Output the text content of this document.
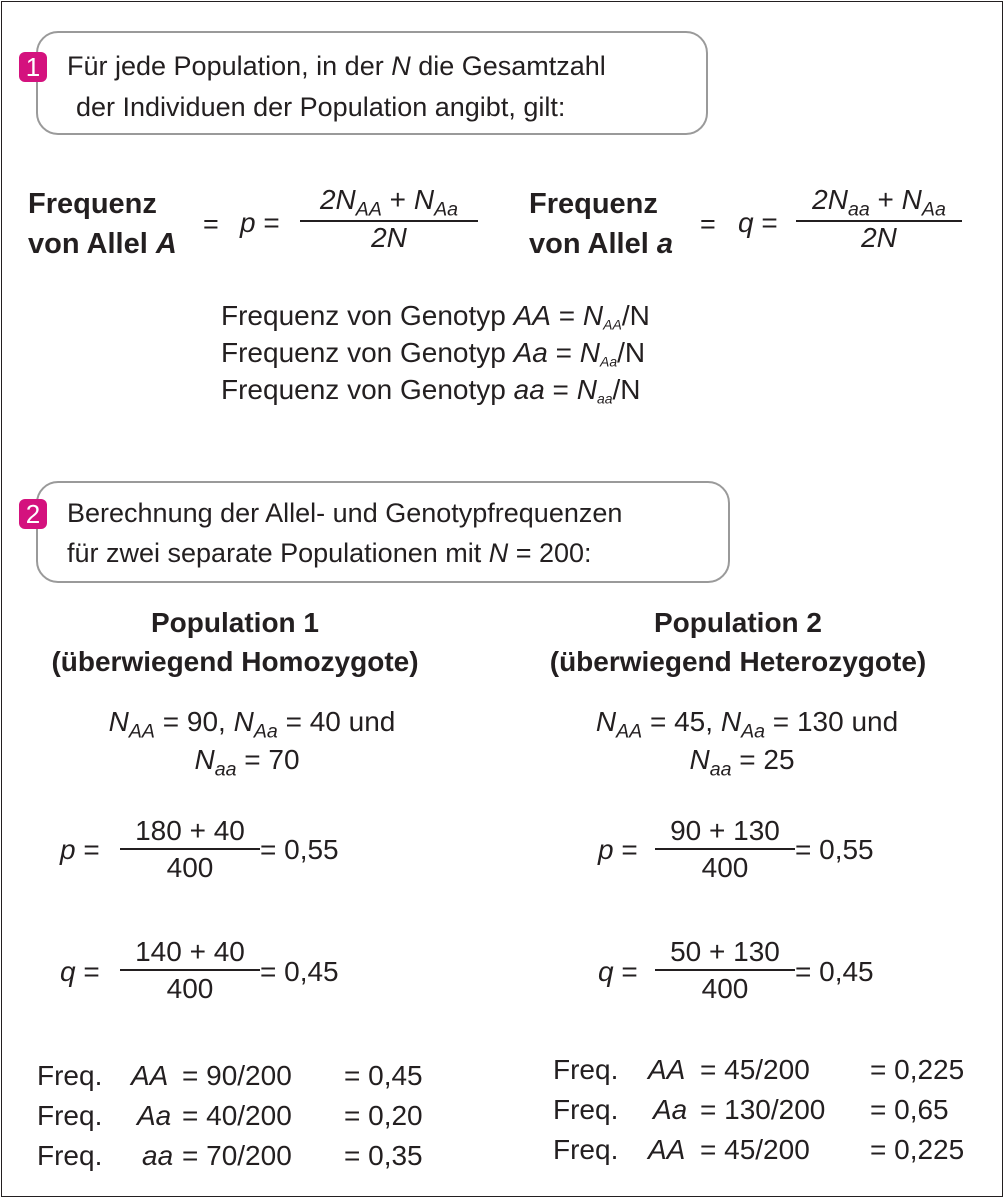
1 Für jede Population, in der N die Gesamtzahl
der Individuen der Population angibt, gilt:
Frequenz
von Allel A
= p =
$2N_{AA} + N_{Aa}$
2N
Frequenz
von Allel a
= q =
$2N_{aa} + N_{Aa}$
2N
Frequenz von Genotyp AA = $N_{AA}/N$
Frequenz von Genotyp $Aa = N_{Aa}/N$
Frequenz von Genotyp aa = $N_{aa}/N$
2 Berechnung der Allel- und Genotypfrequenzen
für zwei separate Populationen mit N = 200:
Population 1
(überwiegend Homozygote)
$N_{AA} = 90$, $N_{Aa} = 40$ und
$N_{aa} = 70$
p =
180 + 40
400
= 0,55
q =
140 + 40
400
= 0,45
Freq. AA = 90/200 = 0,45
Freq. Aa = 40/200 = 0,20
Freq. aa = 70/200 = 0,35
Population 2
(überwiegend Heterozygote)
$N_{AA} = 45$, $N_{Aa} = 130$ und
$N_{aa} = 25$
p =
90 + 130
400
= 0,55
q =
50 + 130
400
= 0,45
Freq. AA = 45/200 = 0,225
Freq. Aa = 130/200 = 0,65
Freq. AA = 45/200 = 0,225
